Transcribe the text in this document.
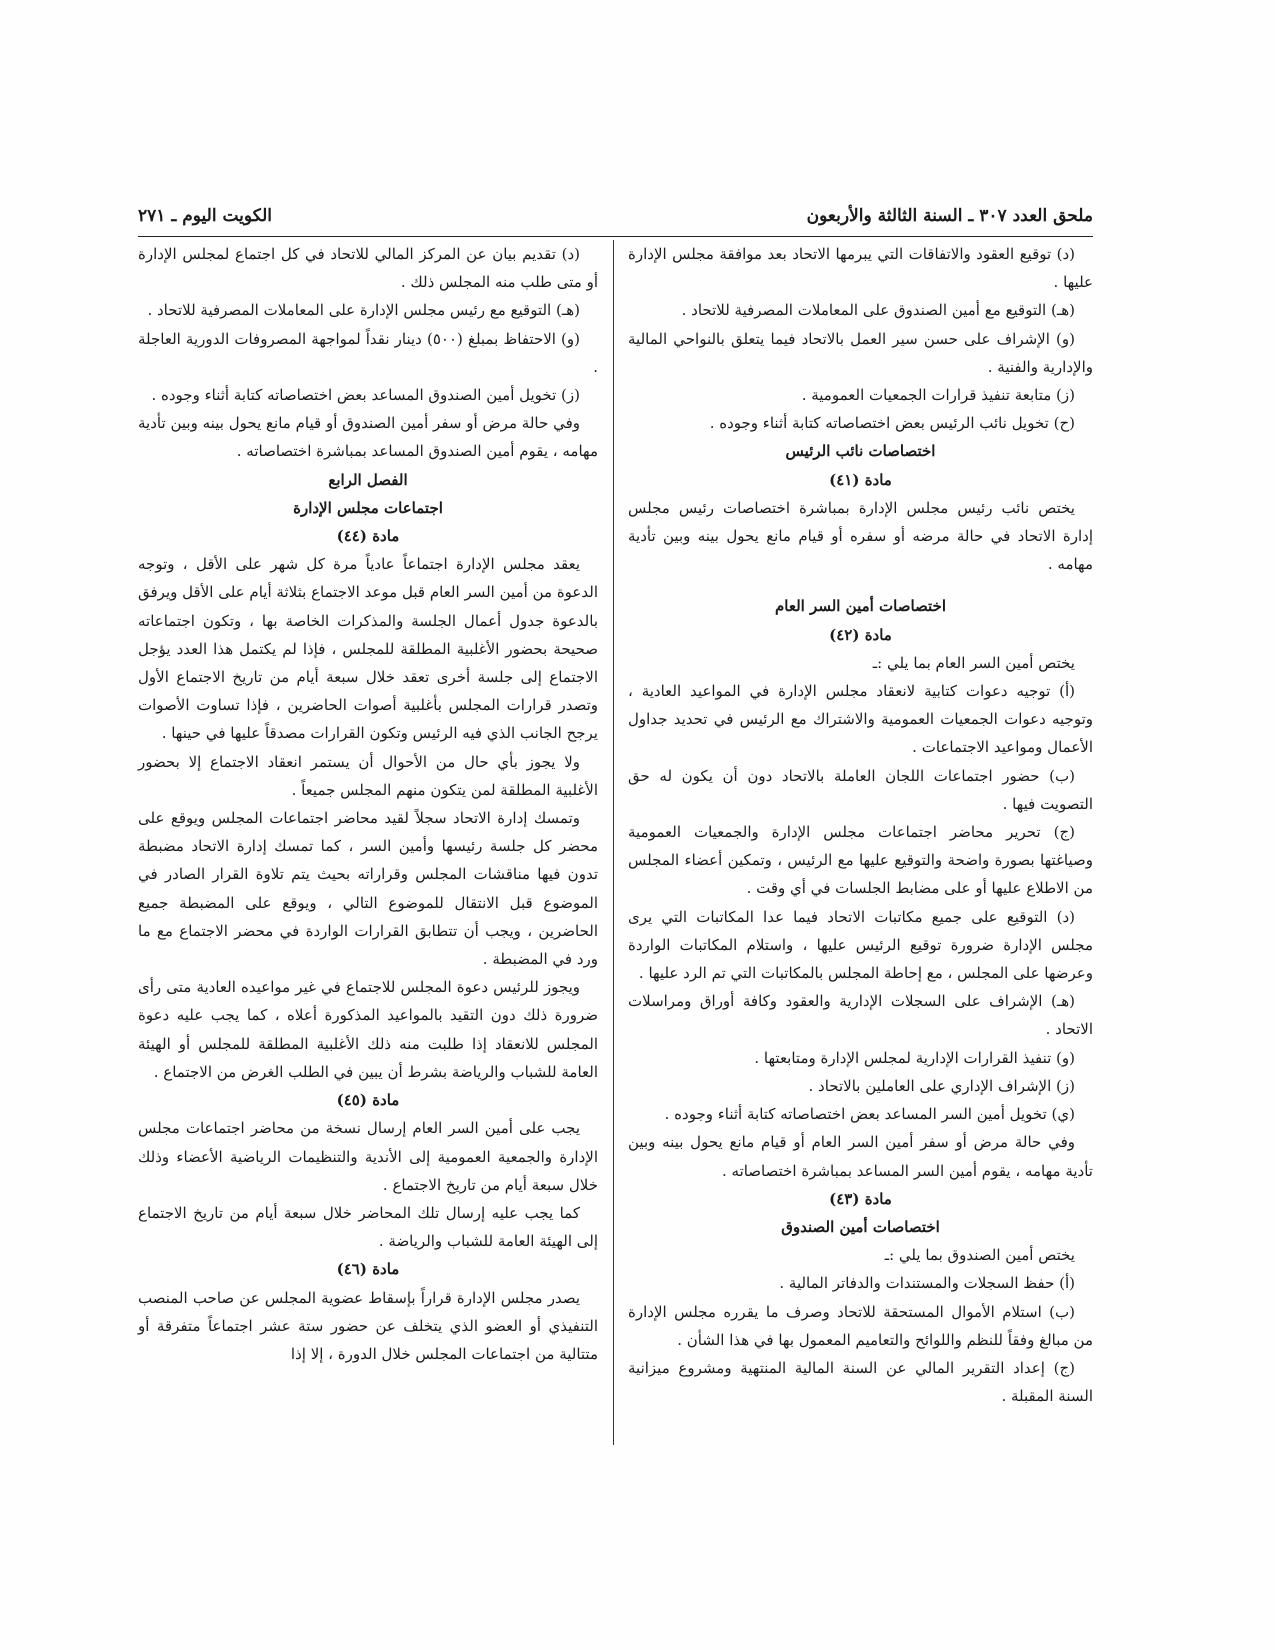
ملحق العدد ٣٠٧ ـ السنة الثالثة والأربعون
الكويت اليوم ـ ٢٧١

(د) توقيع العقود والاتفاقات التي يبرمها الاتحاد بعد موافقة مجلس الإدارة عليها .

(هـ) التوقيع مع أمين الصندوق على المعاملات المصرفية للاتحاد .

(و) الإشراف على حسن سير العمل بالاتحاد فيما يتعلق بالنواحي المالية والإدارية والفنية .

(ز) متابعة تنفيذ قرارات الجمعيات العمومية .

(ح) تخويل نائب الرئيس بعض اختصاصاته كتابة أثناء وجوده .

اختصاصات نائب الرئيس

مادة (٤١)

يختص نائب رئيس مجلس الإدارة بمباشرة اختصاصات رئيس مجلس إدارة الاتحاد في حالة مرضه أو سفره أو قيام مانع يحول بينه وبين تأدية مهامه .

اختصاصات أمين السر العام

مادة (٤٢)

يختص أمين السر العام بما يلي :ـ

(أ) توجيه دعوات كتابية لانعقاد مجلس الإدارة في المواعيد العادية ، وتوجيه دعوات الجمعيات العمومية والاشتراك مع الرئيس في تحديد جداول الأعمال ومواعيد الاجتماعات .

(ب) حضور اجتماعات اللجان العاملة بالاتحاد دون أن يكون له حق التصويت فيها .

(ج) تحرير محاضر اجتماعات مجلس الإدارة والجمعيات العمومية وصياغتها بصورة واضحة والتوقيع عليها مع الرئيس ، وتمكين أعضاء المجلس من الاطلاع عليها أو على مضابط الجلسات في أي وقت .

(د) التوقيع على جميع مكاتبات الاتحاد فيما عدا المكاتبات التي يرى مجلس الإدارة ضرورة توقيع الرئيس عليها ، واستلام المكاتبات الواردة وعرضها على المجلس ، مع إحاطة المجلس بالمكاتبات التي تم الرد عليها .

(هـ) الإشراف على السجلات الإدارية والعقود وكافة أوراق ومراسلات الاتحاد .

(و) تنفيذ القرارات الإدارية لمجلس الإدارة ومتابعتها .

(ز) الإشراف الإداري على العاملين بالاتحاد .

(ي) تخويل أمين السر المساعد بعض اختصاصاته كتابة أثناء وجوده .

وفي حالة مرض أو سفر أمين السر العام أو قيام مانع يحول بينه وبين تأدية مهامه ، يقوم أمين السر المساعد بمباشرة اختصاصاته .

مادة (٤٣)

اختصاصات أمين الصندوق

يختص أمين الصندوق بما يلي :ـ

(أ) حفظ السجلات والمستندات والدفاتر المالية .

(ب) استلام الأموال المستحقة للاتحاد وصرف ما يقرره مجلس الإدارة من مبالغ وفقاً للنظم واللوائح والتعاميم المعمول بها في هذا الشأن .

(ج) إعداد التقرير المالي عن السنة المالية المنتهية ومشروع ميزانية السنة المقبلة .

(د) تقديم بيان عن المركز المالي للاتحاد في كل اجتماع لمجلس الإدارة أو متى طلب منه المجلس ذلك .

(هـ) التوقيع مع رئيس مجلس الإدارة على المعاملات المصرفية للاتحاد .

(و) الاحتفاظ بمبلغ (٥٠٠) دينار نقداً لمواجهة المصروفات الدورية العاجلة .

(ز) تخويل أمين الصندوق المساعد بعض اختصاصاته كتابة أثناء وجوده .

وفي حالة مرض أو سفر أمين الصندوق أو قيام مانع يحول بينه وبين تأدية مهامه ، يقوم أمين الصندوق المساعد بمباشرة اختصاصاته .

الفصل الرابع

اجتماعات مجلس الإدارة

مادة (٤٤)

يعقد مجلس الإدارة اجتماعاً عادياً مرة كل شهر على الأقل ، وتوجه الدعوة من أمين السر العام قبل موعد الاجتماع بثلاثة أيام على الأقل ويرفق بالدعوة جدول أعمال الجلسة والمذكرات الخاصة بها ، وتكون اجتماعاته صحيحة بحضور الأغلبية المطلقة للمجلس ، فإذا لم يكتمل هذا العدد يؤجل الاجتماع إلى جلسة أخرى تعقد خلال سبعة أيام من تاريخ الاجتماع الأول وتصدر قرارات المجلس بأغلبية أصوات الحاضرين ، فإذا تساوت الأصوات يرجح الجانب الذي فيه الرئيس وتكون القرارات مصدقاً عليها في حينها .

ولا يجوز بأي حال من الأحوال أن يستمر انعقاد الاجتماع إلا بحضور الأغلبية المطلقة لمن يتكون منهم المجلس جميعاً .

وتمسك إدارة الاتحاد سجلاً لقيد محاضر اجتماعات المجلس ويوقع على محضر كل جلسة رئيسها وأمين السر ، كما تمسك إدارة الاتحاد مضبطة تدون فيها مناقشات المجلس وقراراته بحيث يتم تلاوة القرار الصادر في الموضوع قبل الانتقال للموضوع التالي ، ويوقع على المضبطة جميع الحاضرين ، ويجب أن تتطابق القرارات الواردة في محضر الاجتماع مع ما ورد في المضبطة .

ويجوز للرئيس دعوة المجلس للاجتماع في غير مواعيده العادية متى رأى ضرورة ذلك دون التقيد بالمواعيد المذكورة أعلاه ، كما يجب عليه دعوة المجلس للانعقاد إذا طلبت منه ذلك الأغلبية المطلقة للمجلس أو الهيئة العامة للشباب والرياضة بشرط أن يبين في الطلب الغرض من الاجتماع .

مادة (٤٥)

يجب على أمين السر العام إرسال نسخة من محاضر اجتماعات مجلس الإدارة والجمعية العمومية إلى الأندية والتنظيمات الرياضية الأعضاء وذلك خلال سبعة أيام من تاريخ الاجتماع .

كما يجب عليه إرسال تلك المحاضر خلال سبعة أيام من تاريخ الاجتماع إلى الهيئة العامة للشباب والرياضة .

مادة (٤٦)

يصدر مجلس الإدارة قراراً بإسقاط عضوية المجلس عن صاحب المنصب التنفيذي أو العضو الذي يتخلف عن حضور ستة عشر اجتماعاً متفرقة أو متتالية من اجتماعات المجلس خلال الدورة ، إلا إذا
